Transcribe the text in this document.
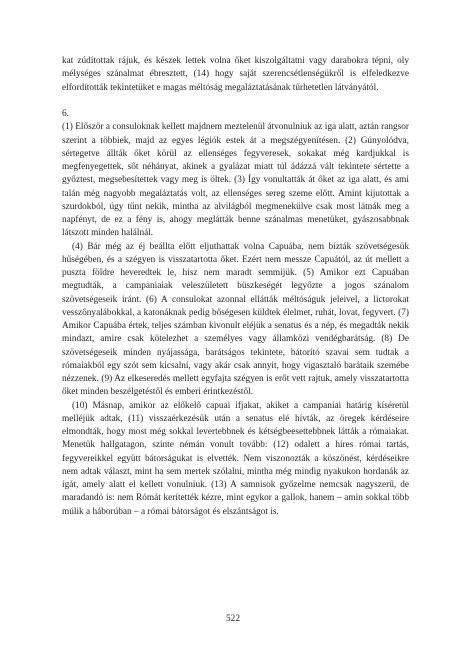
kat zúdítottak rájuk, és készek lettek volna őket kiszolgáltatni vagy darabokra tépni, oly mélységes szánalmat ébresztett, (14) hogy saját szerencsétlenségükről is elfeledkezve elfordították tekintetüket e magas méltóság megaláztatásának tűrhetetlen látványától.

6.

(1) Először a consuloknak kellett majdnem meztelenül átvonulniuk az iga alatt, aztán rangsor szerint a többiek, majd az egyes légiók estek át a megszégyenítésen. (2) Gúnyolódva, sértegetve állták őket körül az ellenséges fegyveresek, sokakat még kardjukkal is megfenyegettek, sőt néhányat, akinek a gyalázat miatt túl ádázzá vált tekintete sértette a győztest, megsebesítettek vagy meg is öltek. (3) Így vonultatták át őket az iga alatt, és ami talán még nagyobb megaláztatás volt, az ellenséges sereg szeme előtt. Amint kijutottak a szurdokból, úgy tűnt nekik, mintha az alvilágból megmenekülve csak most látnák meg a napfényt, de ez a fény is, ahogy meglátták benne szánalmas menetüket, gyászosabbnak látszott minden halálnál.

(4) Bár még az éj beállta előtt eljuthattak volna Capuába, nem bízták szövetségesük hűségében, és a szégyen is visszatartotta őket. Ezért nem messze Capuától, az út mellett a puszta földre heveredtek le, hisz nem maradt semmijük. (5) Amikor ezt Capuában megtudták, a campaniaiak veleszületett büszkeségét legyőzte a jogos szánalom szövetségeseik iránt. (6) A consulokat azonnal ellátták méltóságuk jeleivel, a lictorokat vesszőnyalábokkal, a katonáknak pedig bőségesen küldtek élelmet, ruhát, lovat, fegyvert. (7) Amikor Capuába értek, teljes számban kivonult eléjük a senatus és a nép, és megadták nekik mindazt, amire csak kötelezhet a személyes vagy államközi vendégbarátság. (8) De szövetségeseik minden nyájassága, barátságos tekintete, bátorító szavai sem tudtak a rómaiakból egy szót sem kicsalni, vagy akár csak annyit, hogy vigasztaló barátaik szemébe nézzenek. (9) Az elkeseredés mellett egyfajta szégyen is erőt vett rajtuk, amely visszatartotta őket minden beszélgetéstől és emberi érintkezéstől.

(10) Másnap, amikor az előkelő capuai ifjakat, akiket a campaniai határig kíséretül melléjük adtak, (11) visszaérkezésük után a senatus elé hívták, az öregek kérdéseire elmondták, hogy most még sokkal levertebbnek és kétségbeesettebbnek látták a rómaiakat. Menetük hallgatagon, szinte némán vonult tovább: (12) odalett a híres római tartás, fegyvereikkel együtt bátorságukat is elvették. Nem viszonozták a köszönést, kérdéseikre nem adtak választ, mint ha sem mertek szólalni, mintha még mindig nyakukon hordanák az igát, amely alatt el kellett vonulniuk. (13) A samnisok győzelme nemcsak nagyszerű, de maradandó is: nem Rómát kerítették kézre, mint egykor a gallok, hanem – amin sokkal több múlik a háborúban – a római bátorságot és elszántságot is.

522
